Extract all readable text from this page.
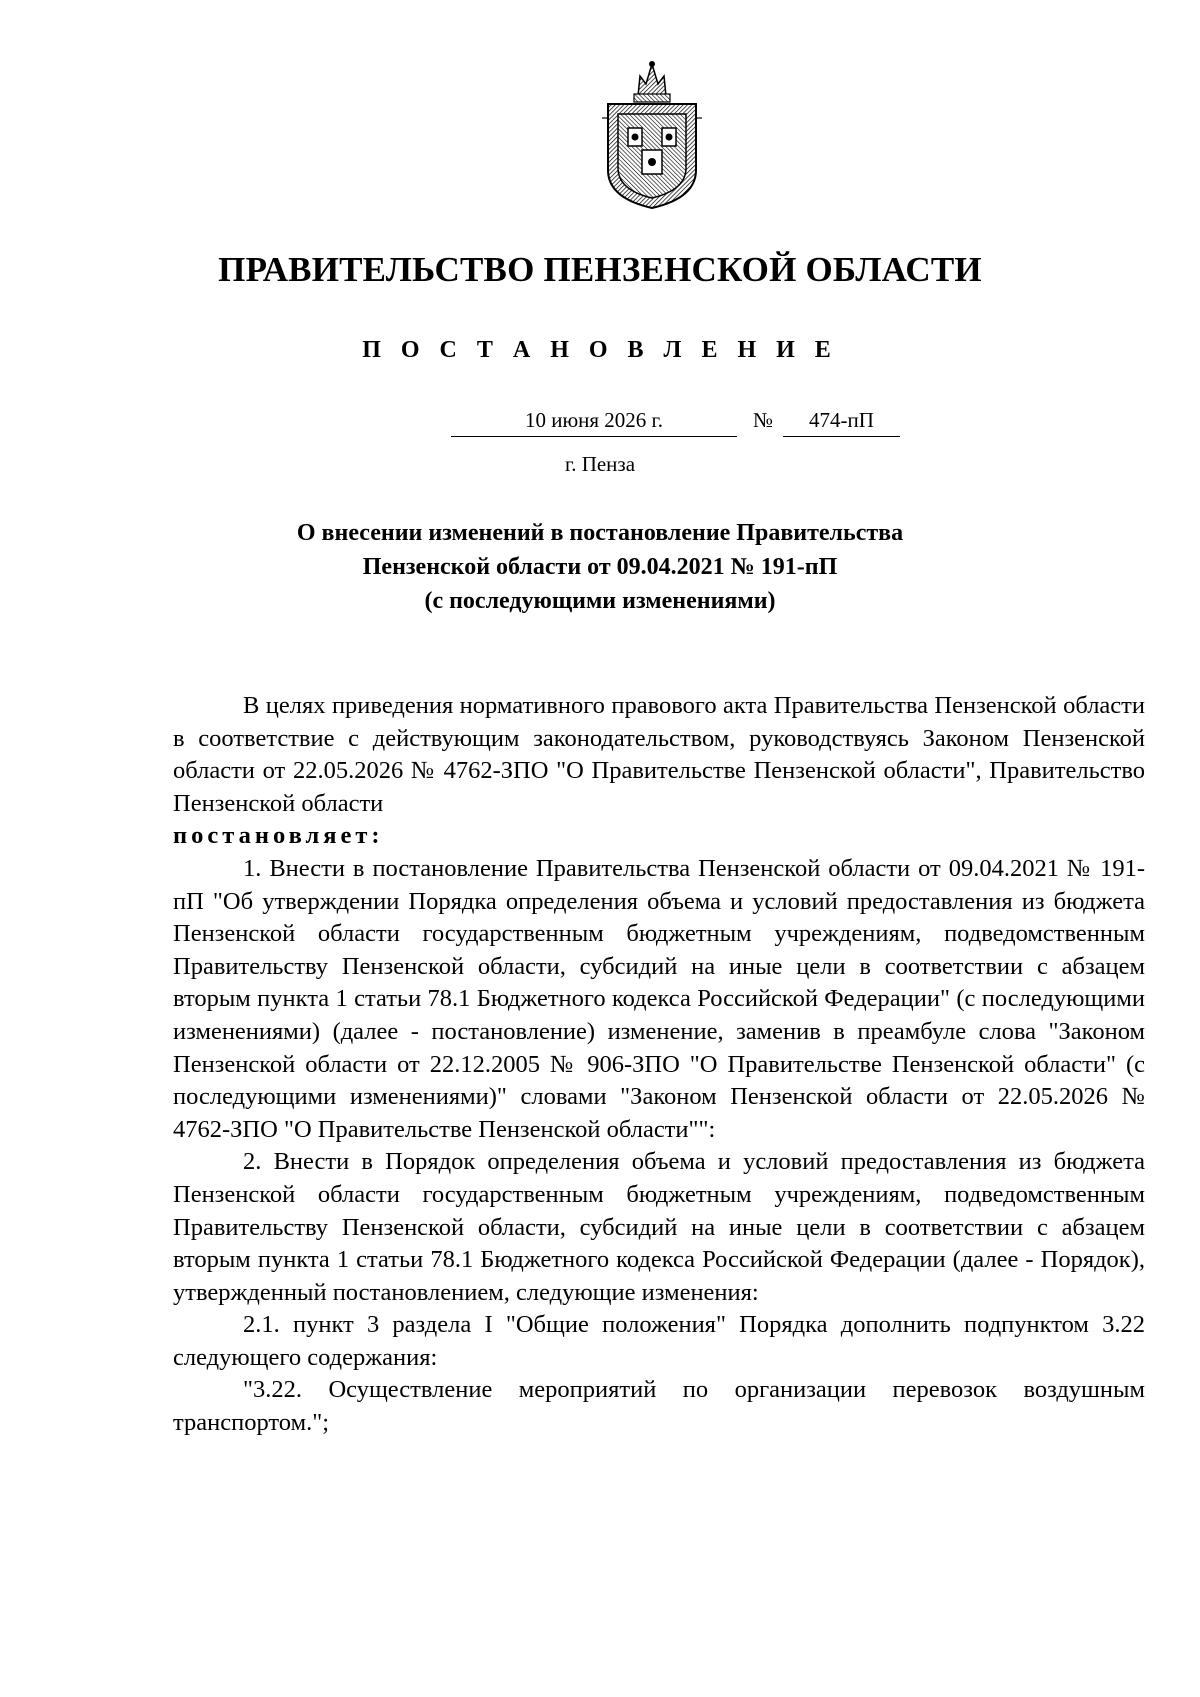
ПРАВИТЕЛЬСТВО ПЕНЗЕНСКОЙ ОБЛАСТИ
П О С Т А Н О В Л Е Н И Е
10 июня 2026 г.	№	474-пП
г. Пенза
О внесении изменений в постановление Правительства
Пензенской области от 09.04.2021 № 191-пП
(с последующими изменениями)

В целях приведения нормативного правового акта Правительства Пензенской области в соответствие с действующим законодательством, руководствуясь Законом Пензенской области от 22.05.2026 № 4762-ЗПО "О Правительстве Пензенской области", Правительство Пензенской области

постановляет:

1. Внести в постановление Правительства Пензенской области от 09.04.2021 № 191-пП "Об утверждении Порядка определения объема и условий предоставления из бюджета Пензенской области государственным бюджетным учреждениям, подведомственным Правительству Пензенской области, субсидий на иные цели в соответствии с абзацем вторым пункта 1 статьи 78.1 Бюджетного кодекса Российской Федерации" (с последующими изменениями) (далее - постановление) изменение, заменив в преамбуле слова "Законом Пензенской области от 22.12.2005 № 906-ЗПО "О Правительстве Пензенской области" (с последующими изменениями)" словами "Законом Пензенской области от 22.05.2026 № 4762-ЗПО "О Правительстве Пензенской области"":

2. Внести в Порядок определения объема и условий предоставления из бюджета Пензенской области государственным бюджетным учреждениям, подведомственным Правительству Пензенской области, субсидий на иные цели в соответствии с абзацем вторым пункта 1 статьи 78.1 Бюджетного кодекса Российской Федерации (далее - Порядок), утвержденный постановлением, следующие изменения:

2.1. пункт 3 раздела I "Общие положения" Порядка дополнить подпунктом 3.22 следующего содержания:

"3.22. Осуществление мероприятий по организации перевозок воздушным транспортом.";
